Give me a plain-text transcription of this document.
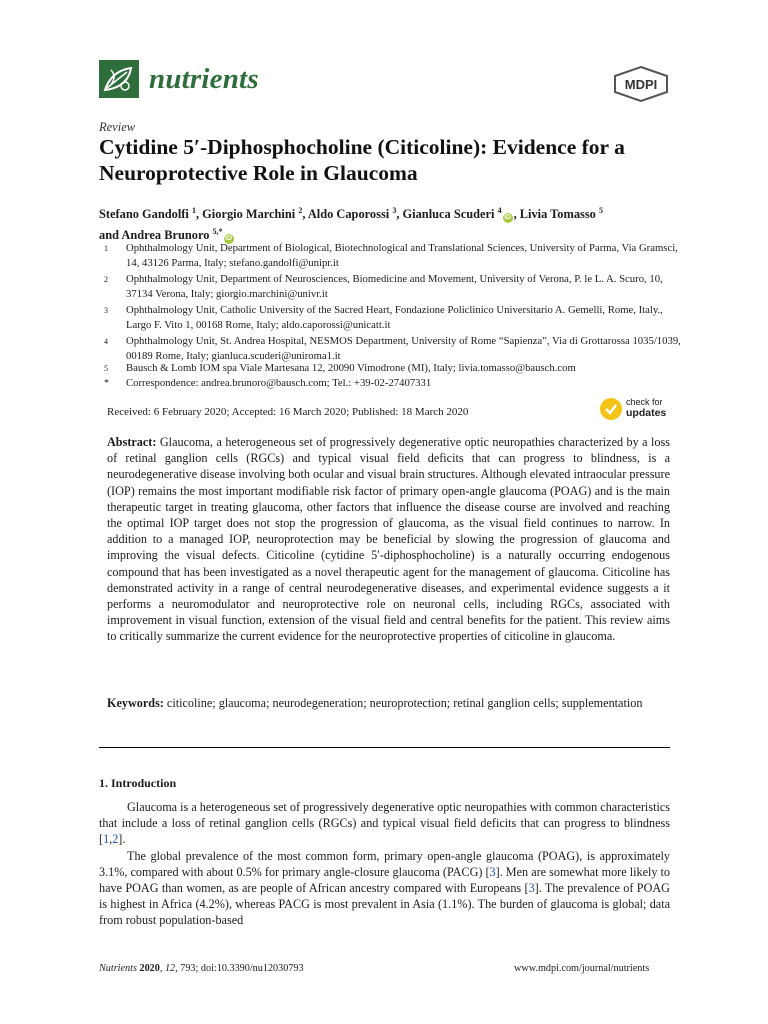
nutrients	MDPI
Review
Cytidine 5′-Diphosphocholine (Citicoline): Evidence for a Neuroprotective Role in Glaucoma
Stefano Gandolfi $^1$, Giorgio Marchini $^2$, Aldo Caporossi $^3$, Gianluca Scuderi $^4$iD , Livia Tomasso $^5$
and Andrea Brunoro $^{5,*}$iD
1 Ophthalmology Unit, Department of Biological, Biotechnological and Translational Sciences, University of Parma, Via Gramsci, 14, 43126 Parma, Italy; stefano.gandolfi@unipr.it
2 Ophthalmology Unit, Department of Neurosciences, Biomedicine and Movement, University of Verona, P. le L. A. Scuro, 10, 37134 Verona, Italy; giorgio.marchini@univr.it
3 Ophthalmology Unit, Catholic University of the Sacred Heart, Fondazione Policlinico Universitario A. Gemelli, Rome, Italy., Largo F. Vito 1, 00168 Rome, Italy; aldo.caporossi@unicatt.it
4 Ophthalmology Unit, St. Andrea Hospital, NESMOS Department, University of Rome “Sapienza”, Via di Grottarossa 1035/1039, 00189 Rome, Italy; gianluca.scuderi@uniroma1.it
5 Bausch & Lomb IOM spa Viale Martesana 12, 20090 Vimodrone (MI), Italy; livia.tomasso@bausch.com
* Correspondence: andrea.brunoro@bausch.com; Tel.: +39-02-27407331
Received: 6 February 2020; Accepted: 16 March 2020; Published: 18 March 2020
check for
updates
Abstract: Glaucoma, a heterogeneous set of progressively degenerative optic neuropathies characterized by a loss of retinal ganglion cells (RGCs) and typical visual field deficits that can progress to blindness, is a neurodegenerative disease involving both ocular and visual brain structures. Although elevated intraocular pressure (IOP) remains the most important modifiable risk factor of primary open-angle glaucoma (POAG) and is the main therapeutic target in treating glaucoma, other factors that influence the disease course are involved and reaching the optimal IOP target does not stop the progression of glaucoma, as the visual field continues to narrow. In addition to a managed IOP, neuroprotection may be beneficial by slowing the progression of glaucoma and improving the visual defects. Citicoline (cytidine 5′-diphosphocholine) is a naturally occurring endogenous compound that has been investigated as a novel therapeutic agent for the management of glaucoma. Citicoline has demonstrated activity in a range of central neurodegenerative diseases, and experimental evidence suggests a it performs a neuromodulator and neuroprotective role on neuronal cells, including RGCs, associated with improvement in visual function, extension of the visual field and central benefits for the patient. This review aims to critically summarize the current evidence for the neuroprotective properties of citicoline in glaucoma.
Keywords: citicoline; glaucoma; neurodegeneration; neuroprotection; retinal ganglion cells; supplementation
1. Introduction

Glaucoma is a heterogeneous set of progressively degenerative optic neuropathies with common characteristics that include a loss of retinal ganglion cells (RGCs) and typical visual field deficits that can progress to blindness [1,2].

The global prevalence of the most common form, primary open-angle glaucoma (POAG), is approximately 3.1%, compared with about 0.5% for primary angle-closure glaucoma (PACG) [3]. Men are somewhat more likely to have POAG than women, as are people of African ancestry compared with Europeans [3]. The prevalence of POAG is highest in Africa (4.2%), whereas PACG is most prevalent in Asia (1.1%). The burden of glaucoma is global; data from robust population-based

Nutrients 2020, 12, 793; doi:10.3390/nu12030793	www.mdpi.com/journal/nutrients
